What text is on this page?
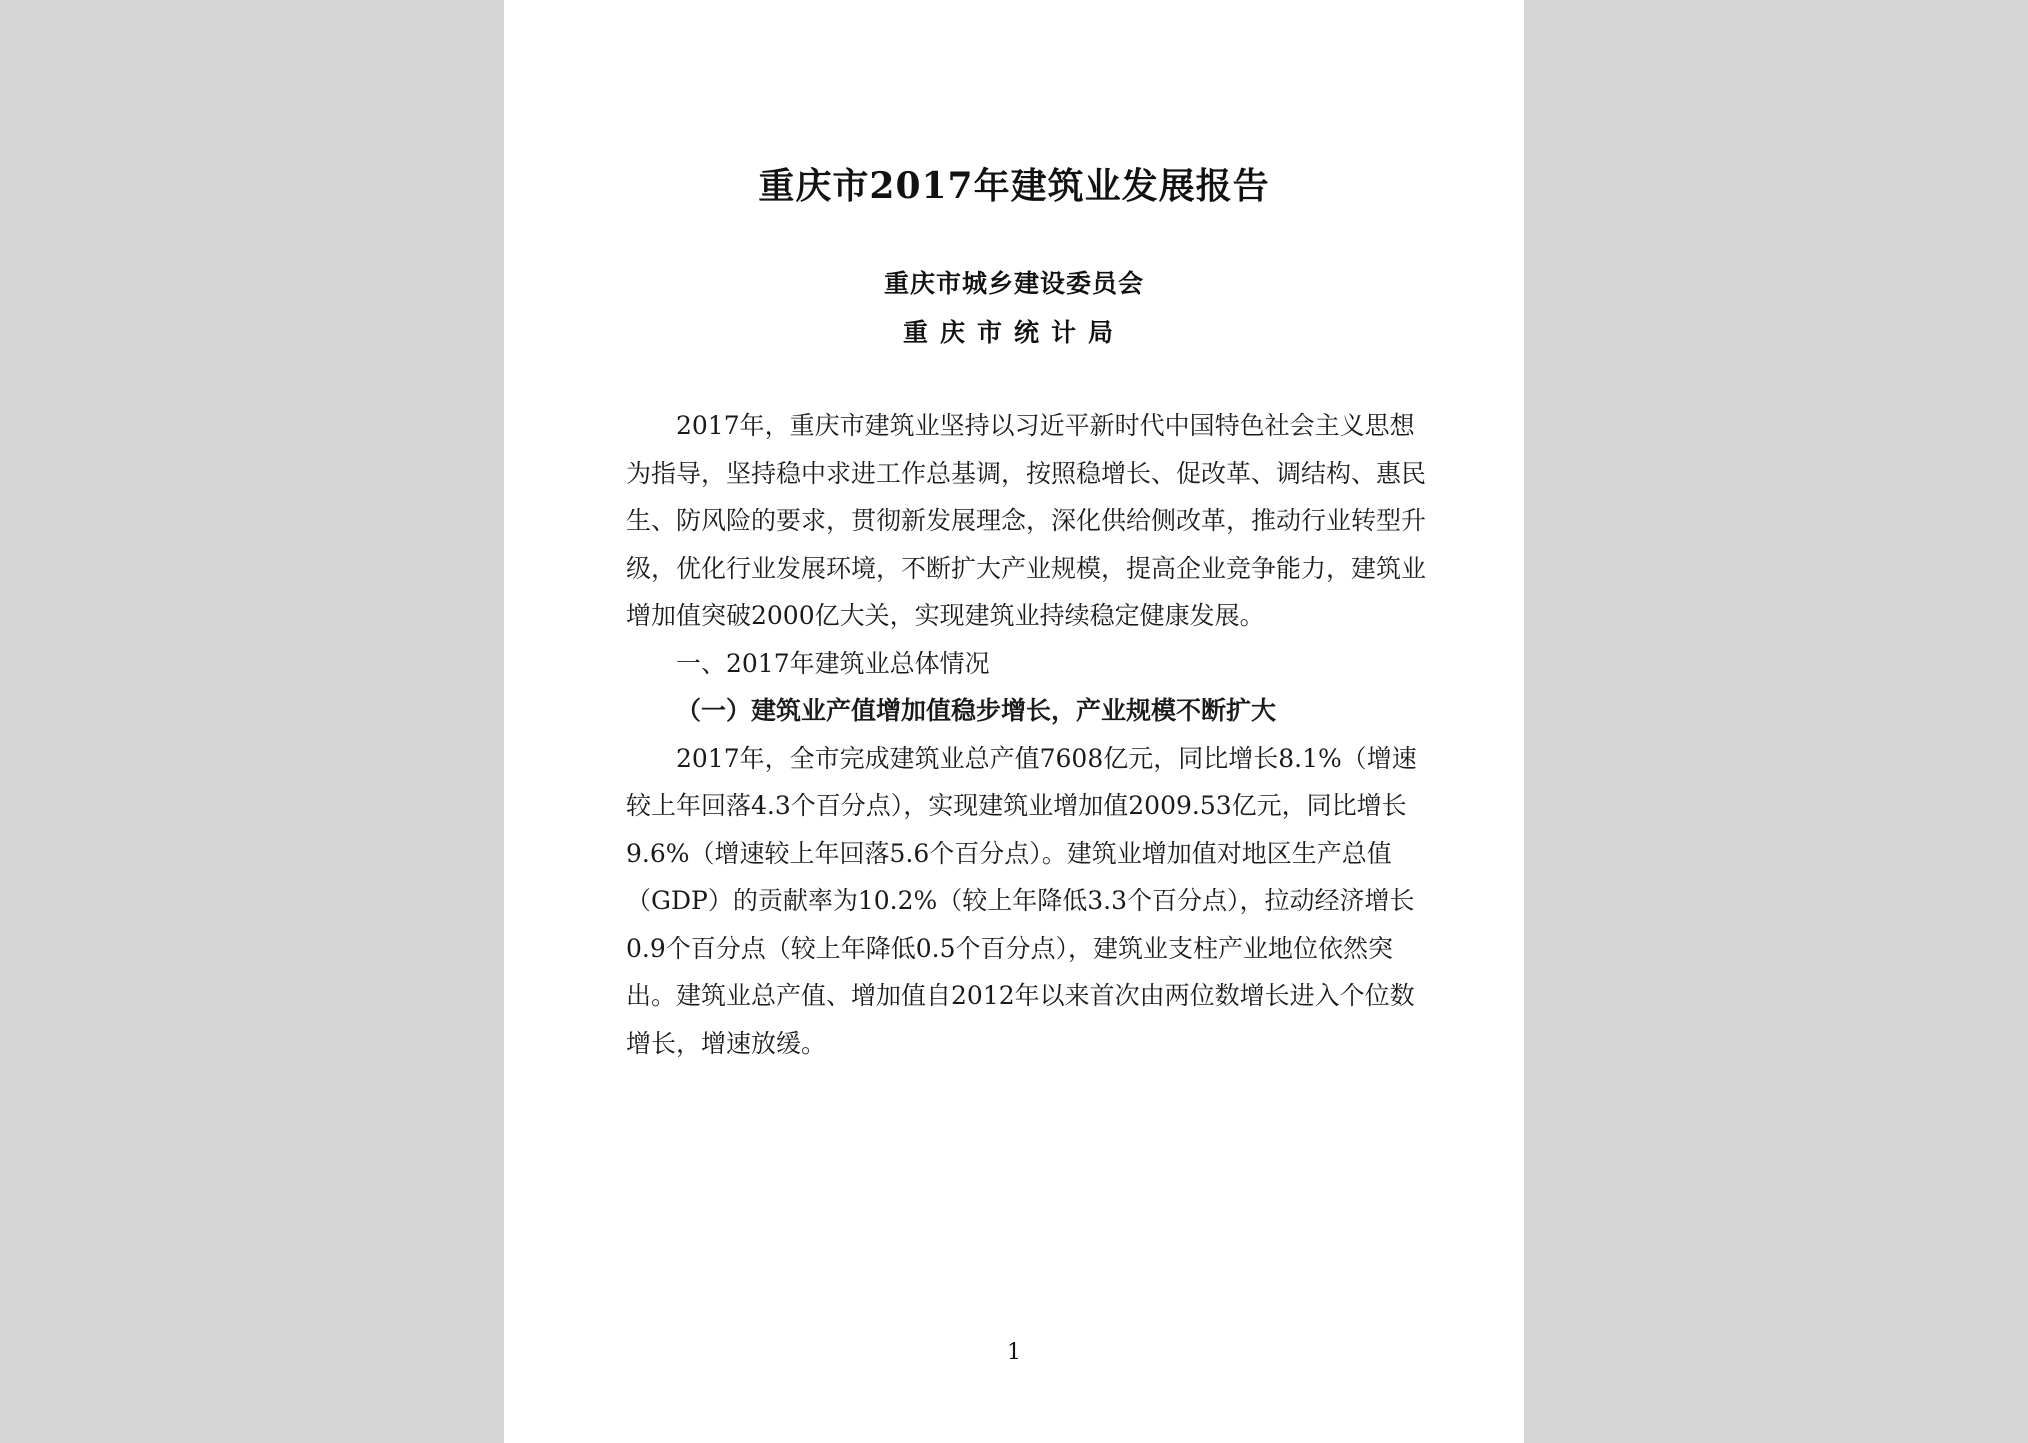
重庆市2017年建筑业发展报告
重庆市城乡建设委员会
重庆市统计局

2017年，重庆市建筑业坚持以习近平新时代中国特色社会主义思想为指导，坚持稳中求进工作总基调，按照稳增长、促改革、调结构、惠民生、防风险的要求，贯彻新发展理念，深化供给侧改革，推动行业转型升级，优化行业发展环境，不断扩大产业规模，提高企业竞争能力，建筑业增加值突破2000亿大关，实现建筑业持续稳定健康发展。

一、2017年建筑业总体情况

（一）建筑业产值增加值稳步增长，产业规模不断扩大

2017年，全市完成建筑业总产值7608亿元，同比增长8.1%（增速较上年回落4.3个百分点），实现建筑业增加值2009.53亿元，同比增长9.6%（增速较上年回落5.6个百分点）。建筑业增加值对地区生产总值（GDP）的贡献率为10.2%（较上年降低3.3个百分点），拉动经济增长0.9个百分点（较上年降低0.5个百分点），建筑业支柱产业地位依然突出。建筑业总产值、增加值自2012年以来首次由两位数增长进入个位数增长，增速放缓。

1
